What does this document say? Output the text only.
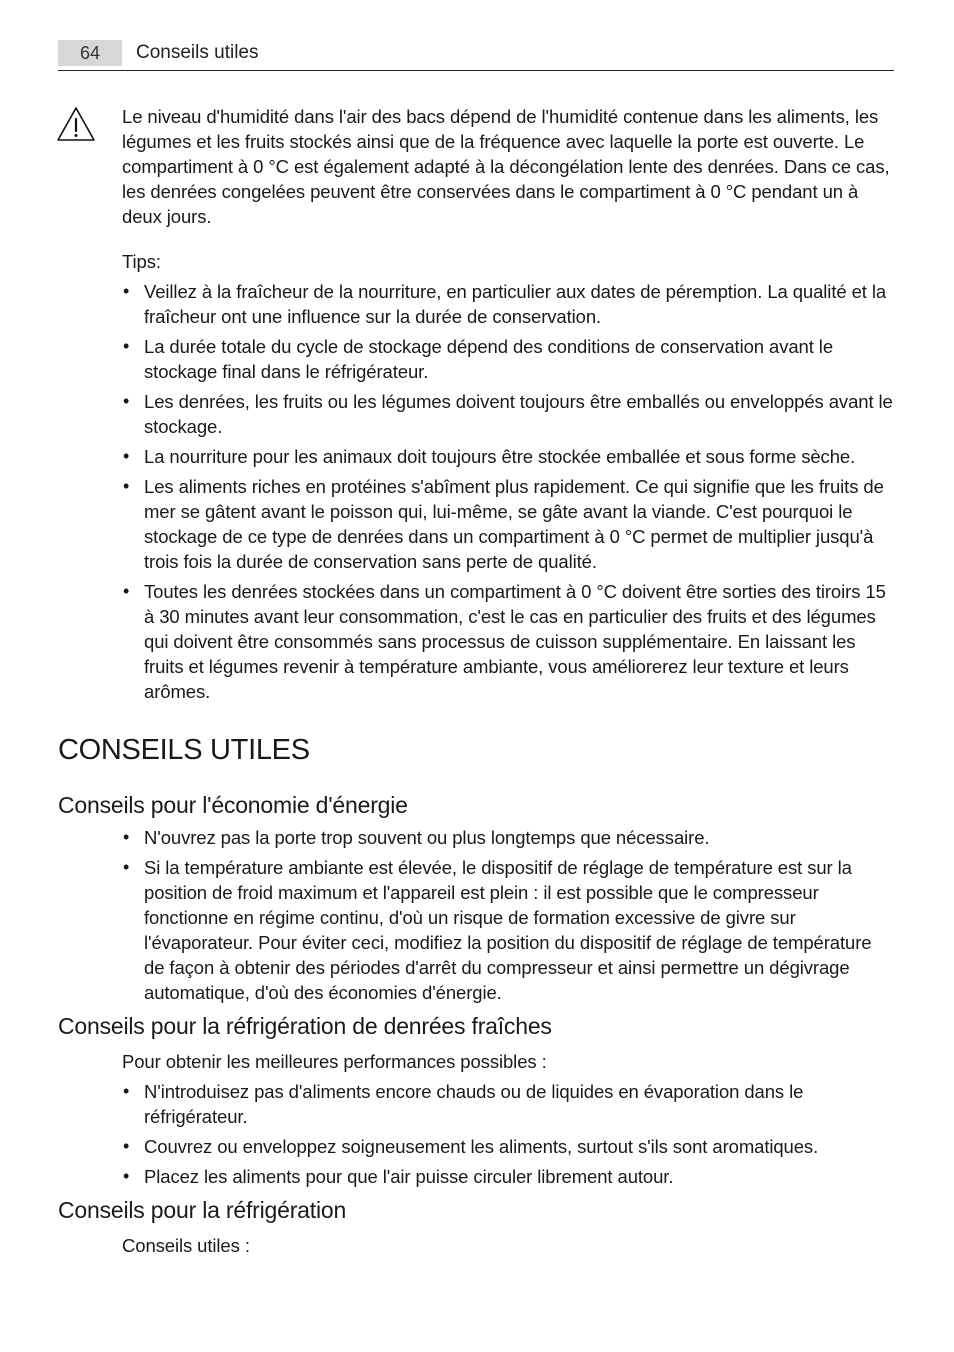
64	Conseils utiles

Le niveau d'humidité dans l'air des bacs dépend de l'humidité contenue dans les aliments, les légumes et les fruits stockés ainsi que de la fréquence avec laquelle la porte est ouverte. Le compartiment à 0 °C est également adapté à la décongélation lente des denrées. Dans ce cas, les denrées congelées peuvent être conservées dans le compartiment à 0 °C pendant un à deux jours.

Tips:

• Veillez à la fraîcheur de la nourriture, en particulier aux dates de péremption. La qualité et la fraîcheur ont une influence sur la durée de conservation.
• La durée totale du cycle de stockage dépend des conditions de conservation avant le stockage final dans le réfrigérateur.
• Les denrées, les fruits ou les légumes doivent toujours être emballés ou enveloppés avant le stockage.
• La nourriture pour les animaux doit toujours être stockée emballée et sous forme sèche.
• Les aliments riches en protéines s'abîment plus rapidement. Ce qui signifie que les fruits de mer se gâtent avant le poisson qui, lui-même, se gâte avant la viande. C'est pourquoi le stockage de ce type de denrées dans un compartiment à 0 °C permet de multiplier jusqu'à trois fois la durée de conservation sans perte de qualité.
• Toutes les denrées stockées dans un compartiment à 0 °C doivent être sorties des tiroirs 15 à 30 minutes avant leur consommation, c'est le cas en particulier des fruits et des légumes qui doivent être consommés sans processus de cuisson supplémentaire. En laissant les fruits et légumes revenir à température ambiante, vous améliorerez leur texture et leurs arômes.
CONSEILS UTILES
Conseils pour l'économie d'énergie
• N'ouvrez pas la porte trop souvent ou plus longtemps que nécessaire.
• Si la température ambiante est élevée, le dispositif de réglage de température est sur la position de froid maximum et l'appareil est plein : il est possible que le compresseur fonctionne en régime continu, d'où un risque de formation excessive de givre sur l'évaporateur. Pour éviter ceci, modifiez la position du dispositif de réglage de température de façon à obtenir des périodes d'arrêt du compresseur et ainsi permettre un dégivrage automatique, d'où des économies d'énergie.
Conseils pour la réfrigération de denrées fraîches

Pour obtenir les meilleures performances possibles :

• N'introduisez pas d'aliments encore chauds ou de liquides en évaporation dans le réfrigérateur.
• Couvrez ou enveloppez soigneusement les aliments, surtout s'ils sont aromatiques.
• Placez les aliments pour que l'air puisse circuler librement autour.
Conseils pour la réfrigération

Conseils utiles :
